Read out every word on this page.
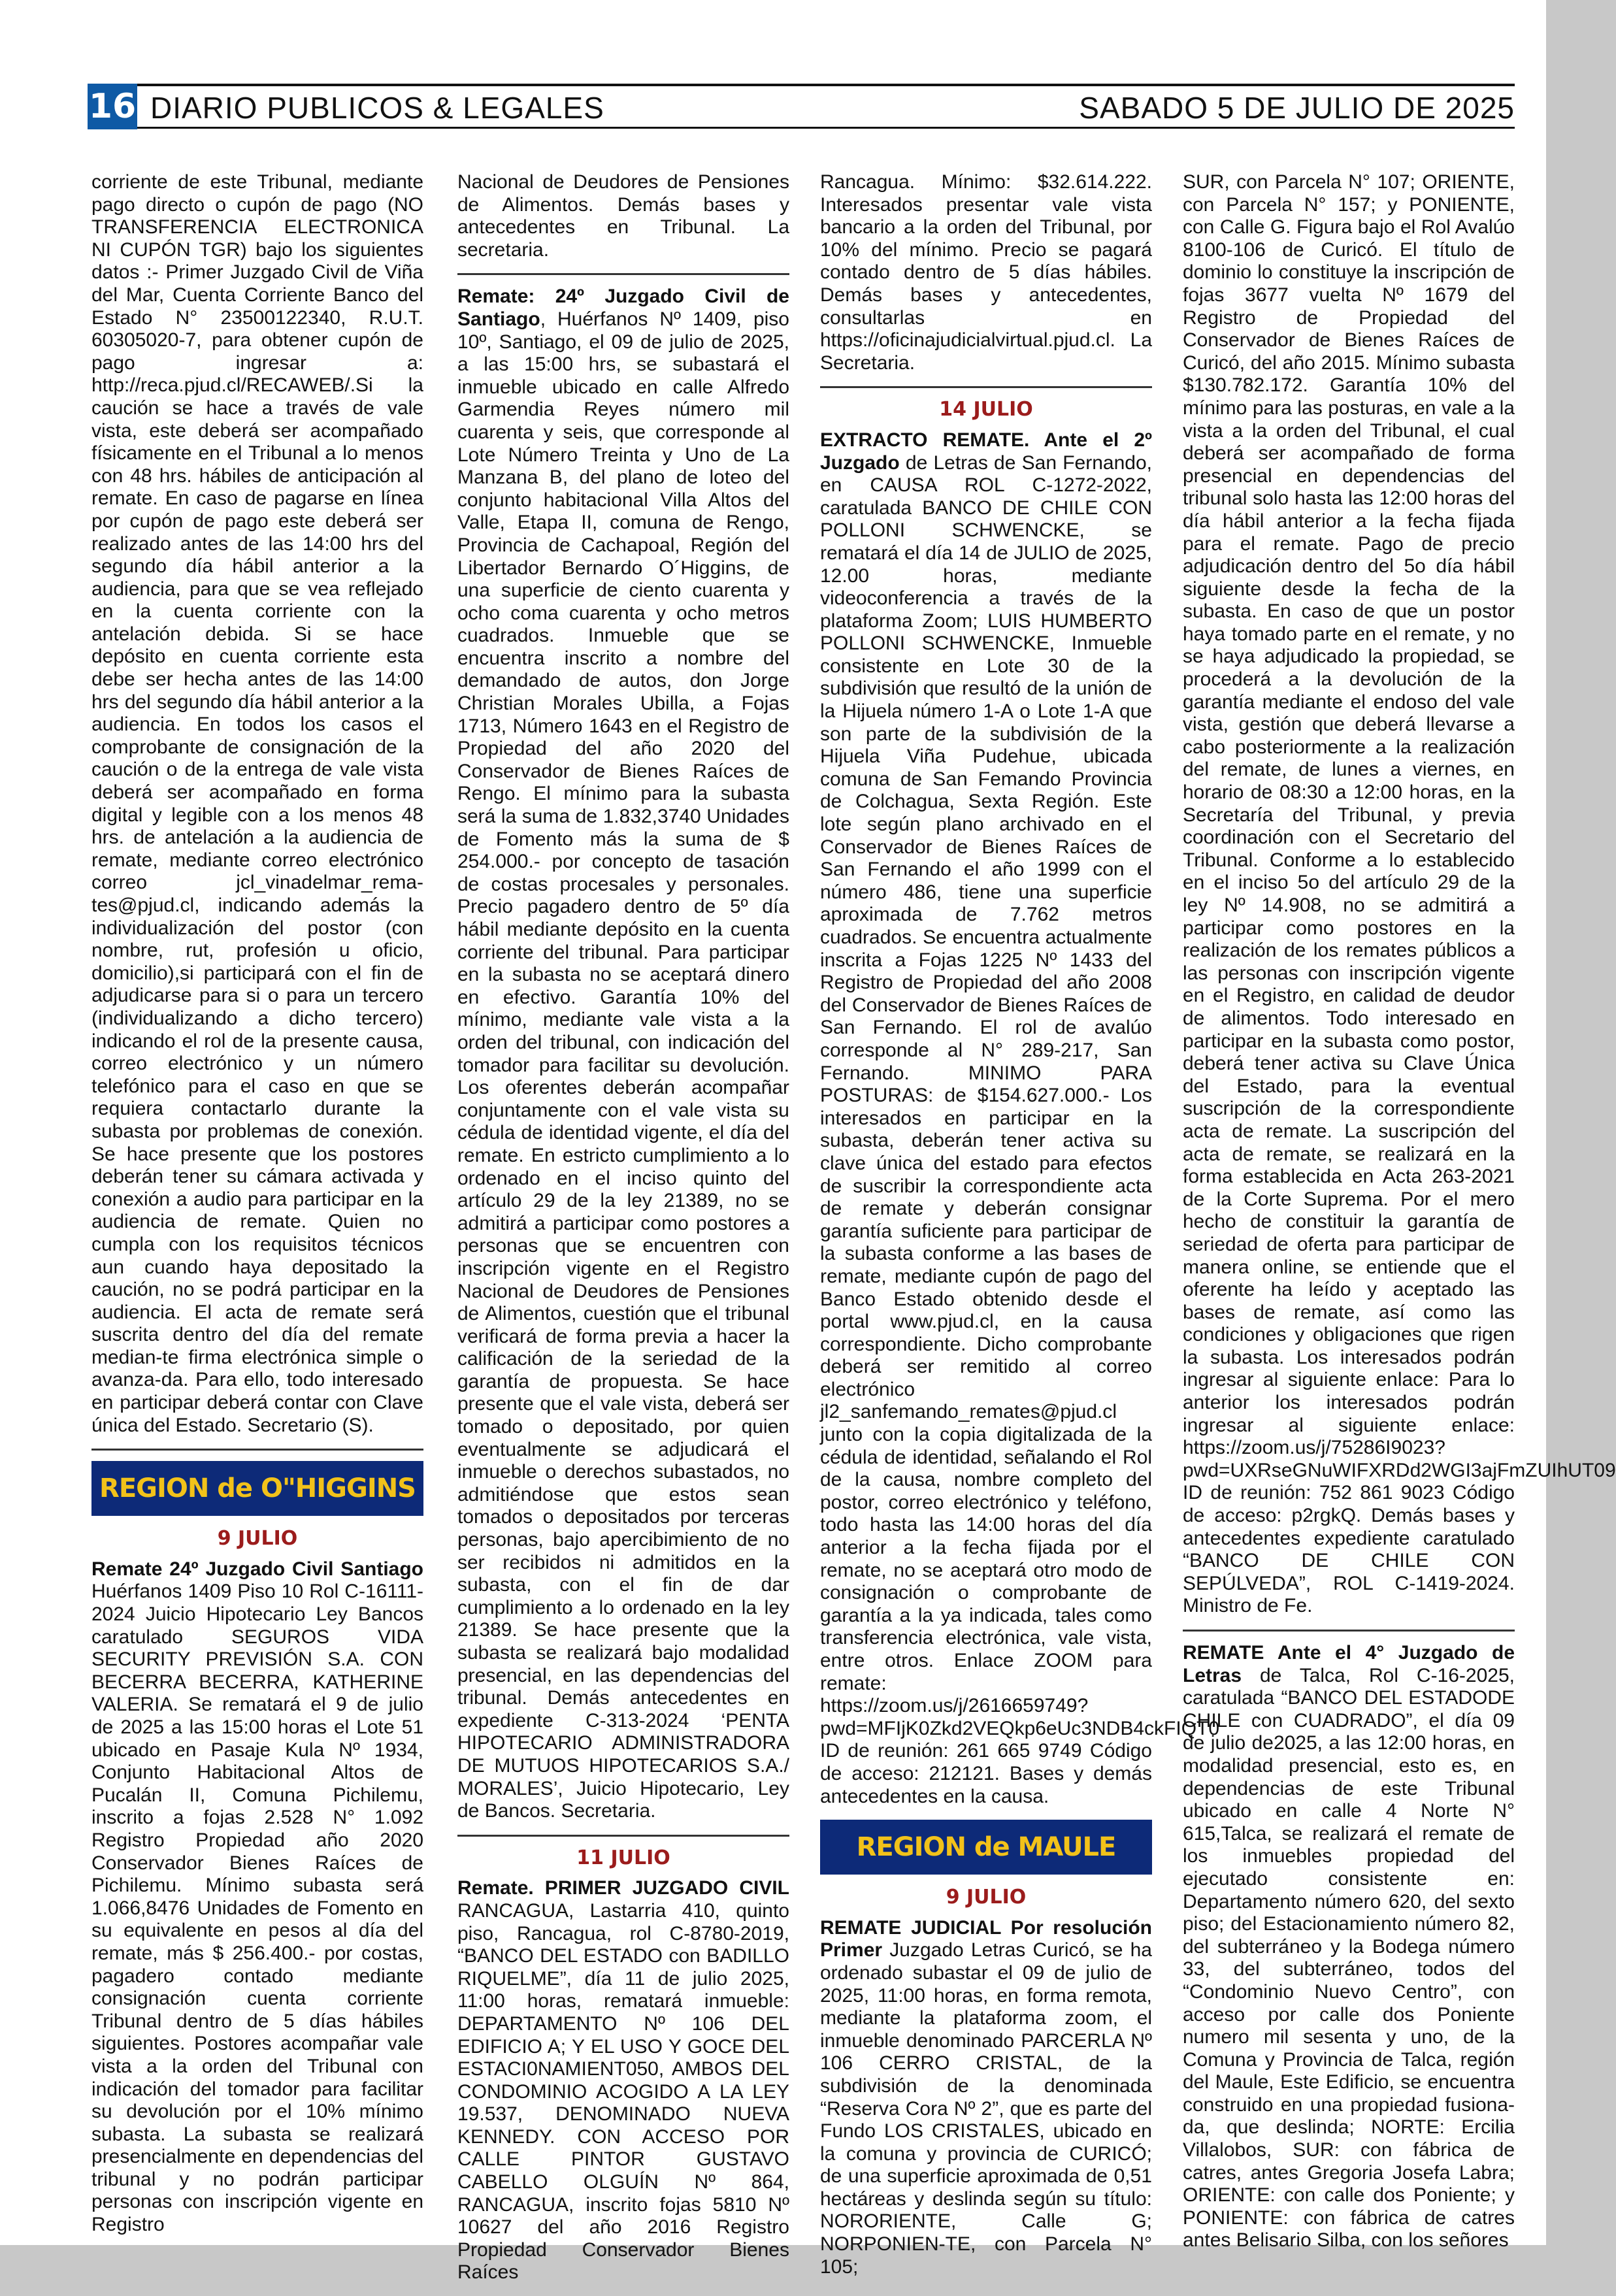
16 DIARIO PUBLICOS & LEGALES	SABADO 5 DE JULIO DE 2025

corriente de este Tribunal, mediante pago directo o cupón de pago (NO TRANSFERENCIA ELECTRONICA NI CUPÓN TGR) bajo los siguientes datos :- Primer Juzgado Civil de Viña del Mar, Cuenta Corriente Banco del Estado N° 23500122340, R.U.T. 60305020-7, para obtener cupón de pago ingresar a: http://reca.pjud.cl/RECAWEB/.Si la caución se hace a través de vale vista, este deberá ser acompañado físicamente en el Tribunal a lo menos con 48 hrs. hábiles de anticipación al remate. En caso de pagarse en línea por cupón de pago este deberá ser realizado antes de las 14:00 hrs del segundo día hábil anterior a la audiencia, para que se vea reflejado en la cuenta corriente con la antelación debida. Si se hace depósito en cuenta corriente esta debe ser hecha antes de las 14:00 hrs del segundo día hábil anterior a la audiencia. En todos los casos el comprobante de consignación de la caución o de la entrega de vale vista deberá ser acompañado en forma digital y legible con a los menos 48 hrs. de antelación a la audiencia de remate, mediante correo electrónico correo jcl_vinadelmar_rema-tes@pjud.cl, indicando además la individualización del postor (con nombre, rut, profesión u oficio, domicilio),si participará con el fin de adjudicarse para si o para un tercero (individualizando a dicho tercero) indicando el rol de la presente causa, correo electrónico y un número telefónico para el caso en que se requiera contactarlo durante la subasta por problemas de conexión. Se hace presente que los postores deberán tener su cámara activada y conexión a audio para participar en la audiencia de remate. Quien no cumpla con los requisitos técnicos aun cuando haya depositado la caución, no se podrá participar en la audiencia. El acta de remate será suscrita dentro del día del remate median-te firma electrónica simple o avanza-da. Para ello, todo interesado en participar deberá contar con Clave única del Estado. Secretario (S).

REGION de O"HIGGINS
9 JULIO

Remate 24º Juzgado Civil Santiago Huérfanos 1409 Piso 10 Rol C-16111-2024 Juicio Hipotecario Ley Bancos caratulado SEGUROS VIDA SECURITY PREVISIÓN S.A. CON BECERRA BECERRA, KATHERINE VALERIA. Se rematará el 9 de julio de 2025 a las 15:00 horas el Lote 51 ubicado en Pasaje Kula Nº 1934, Conjunto Habitacional Altos de Pucalán II, Comuna Pichilemu, inscrito a fojas 2.528 N° 1.092 Registro Propiedad año 2020 Conservador Bienes Raíces de Pichilemu. Mínimo subasta será 1.066,8476 Unidades de Fomento en su equivalente en pesos al día del remate, más $ 256.400.- por costas, pagadero contado mediante consignación cuenta corriente Tribunal dentro de 5 días hábiles siguientes. Postores acompañar vale vista a la orden del Tribunal con indicación del tomador para facilitar su devolución por el 10% mínimo subasta. La subasta se realizará presencialmente en dependencias del tribunal y no podrán participar personas con inscripción vigente en Registro

Nacional de Deudores de Pensiones de Alimentos. Demás bases y antecedentes en Tribunal. La secretaria.

Remate: 24º Juzgado Civil de Santiago, Huérfanos Nº 1409, piso 10º, Santiago, el 09 de julio de 2025, a las 15:00 hrs, se subastará el inmueble ubicado en calle Alfredo Garmendia Reyes número mil cuarenta y seis, que corresponde al Lote Número Treinta y Uno de La Manzana B, del plano de loteo del conjunto habitacional Villa Altos del Valle, Etapa II, comuna de Rengo, Provincia de Cachapoal, Región del Libertador Bernardo O´Higgins, de una superficie de ciento cuarenta y ocho coma cuarenta y ocho metros cuadrados. Inmueble que se encuentra inscrito a nombre del demandado de autos, don Jorge Christian Morales Ubilla, a Fojas 1713, Número 1643 en el Registro de Propiedad del año 2020 del Conservador de Bienes Raíces de Rengo. El mínimo para la subasta será la suma de 1.832,3740 Unidades de Fomento más la suma de $ 254.000.- por concepto de tasación de costas procesales y personales. Precio pagadero dentro de 5º día hábil mediante depósito en la cuenta corriente del tribunal. Para participar en la subasta no se aceptará dinero en efectivo. Garantía 10% del mínimo, mediante vale vista a la orden del tribunal, con indicación del tomador para facilitar su devolución. Los oferentes deberán acompañar conjuntamente con el vale vista su cédula de identidad vigente, el día del remate. En estricto cumplimiento a lo ordenado en el inciso quinto del artículo 29 de la ley 21389, no se admitirá a participar como postores a personas que se encuentren con inscripción vigente en el Registro Nacional de Deudores de Pensiones de Alimentos, cuestión que el tribunal verificará de forma previa a hacer la calificación de la seriedad de la garantía de propuesta. Se hace presente que el vale vista, deberá ser tomado o depositado, por quien eventualmente se adjudicará el inmueble o derechos subastados, no admitiéndose que estos sean tomados o depositados por terceras personas, bajo apercibimiento de no ser recibidos ni admitidos en la subasta, con el fin de dar cumplimiento a lo ordenado en la ley 21389. Se hace presente que la subasta se realizará bajo modalidad presencial, en las dependencias del tribunal. Demás antecedentes en expediente C-313-2024 ‘PENTA HIPOTECARIO ADMINISTRADORA DE MUTUOS HIPOTECARIOS S.A./ MORALES’, Juicio Hipotecario, Ley de Bancos. Secretaria.

11 JULIO

Remate. PRIMER JUZGADO CIVIL RANCAGUA, Lastarria 410, quinto piso, Rancagua, rol C-8780-2019, “BANCO DEL ESTADO con BADILLO RIQUELME”, día 11 de julio 2025, 11:00 horas, rematará inmueble: DEPARTAMENTO Nº 106 DEL EDIFICIO A; Y EL USO Y GOCE DEL ESTACI0NAMIENT050, AMBOS DEL CONDOMINIO ACOGIDO A LA LEY 19.537, DENOMINADO NUEVA KENNEDY. CON ACCESO POR CALLE PINTOR GUSTAVO CABELLO OLGUÍN Nº 864, RANCAGUA, inscrito fojas 5810 Nº 10627 del año 2016 Registro Propiedad Conservador Bienes Raíces

Rancagua. Mínimo: $32.614.222. Interesados presentar vale vista bancario a la orden del Tribunal, por 10% del mínimo. Precio se pagará contado dentro de 5 días hábiles. Demás bases y antecedentes, consultarlas en https://oficinajudicialvirtual.pjud.cl. La Secretaria.

14 JULIO

EXTRACTO REMATE. Ante el 2º Juzgado de Letras de San Fernando, en CAUSA ROL C-1272-2022, caratulada BANCO DE CHILE CON POLLONI SCHWENCKE, se rematará el día 14 de JULIO de 2025, 12.00 horas, mediante videoconferencia a través de la plataforma Zoom; LUIS HUMBERTO POLLONI SCHWENCKE, Inmueble consistente en Lote 30 de la subdivisión que resultó de la unión de la Hijuela número 1-A o Lote 1-A que son parte de la subdivisión de la Hijuela Viña Pudehue, ubicada comuna de San Femando Provincia de Colchagua, Sexta Región. Este lote según plano archivado en el Conservador de Bienes Raíces de San Fernando el año 1999 con el número 486, tiene una superficie aproximada de 7.762 metros cuadrados. Se encuentra actualmente inscrita a Fojas 1225 Nº 1433 del Registro de Propiedad del año 2008 del Conservador de Bienes Raíces de San Fernando. El rol de avalúo corresponde al N° 289-217, San Fernando. MINIMO PARA POSTURAS: de $154.627.000.- Los interesados en participar en la subasta, deberán tener activa su clave única del estado para efectos de suscribir la correspondiente acta de remate y deberán consignar garantía suficiente para participar de la subasta conforme a las bases de remate, mediante cupón de pago del Banco Estado obtenido desde el portal www.pjud.cl, en la causa correspondiente. Dicho comprobante deberá ser remitido al correo electrónico jl2_sanfemando_remates@pjud.cl junto con la copia digitalizada de la cédula de identidad, señalando el Rol de la causa, nombre completo del postor, correo electrónico y teléfono, todo hasta las 14:00 horas del día anterior a la fecha fijada por el remate, no se aceptará otro modo de consignación o comprobante de garantía a la ya indicada, tales como transferencia electrónica, vale vista, entre otros. Enlace ZOOM para remate: https://zoom.us/j/2616659749?pwd=MFIjK0Zkd2VEQkp6eUc3NDB4ckFIQT0 ID de reunión: 261 665 9749 Código de acceso: 212121. Bases y demás antecedentes en la causa.

REGION de MAULE
9 JULIO

REMATE JUDICIAL Por resolución Primer Juzgado Letras Curicó, se ha ordenado subastar el 09 de julio de 2025, 11:00 horas, en forma remota, mediante la plataforma zoom, el inmueble denominado PARCERLA Nº 106 CERRO CRISTAL, de la subdivisión de la denominada “Reserva Cora Nº 2”, que es parte del Fundo LOS CRISTALES, ubicado en la comuna y provincia de CURICÓ; de una superficie aproximada de 0,51 hectáreas y deslinda según su título: NORORIENTE, Calle G; NORPONIEN-TE, con Parcela N° 105;

SUR, con Parcela N° 107; ORIENTE, con Parcela N° 157; y PONIENTE, con Calle G. Figura bajo el Rol Avalúo 8100-106 de Curicó. El título de dominio lo constituye la inscripción de fojas 3677 vuelta Nº 1679 del Registro de Propiedad del Conservador de Bienes Raíces de Curicó, del año 2015. Mínimo subasta $130.782.172. Garantía 10% del mínimo para las posturas, en vale a la vista a la orden del Tribunal, el cual deberá ser acompañado de forma presencial en dependencias del tribunal solo hasta las 12:00 horas del día hábil anterior a la fecha fijada para el remate. Pago de precio adjudicación dentro del 5o día hábil siguiente desde la fecha de la subasta. En caso de que un postor haya tomado parte en el remate, y no se haya adjudicado la propiedad, se procederá a la devolución de la garantía mediante el endoso del vale vista, gestión que deberá llevarse a cabo posteriormente a la realización del remate, de lunes a viernes, en horario de 08:30 a 12:00 horas, en la Secretaría del Tribunal, y previa coordinación con el Secretario del Tribunal. Conforme a lo establecido en el inciso 5o del artículo 29 de la ley Nº 14.908, no se admitirá a participar como postores en la realización de los remates públicos a las personas con inscripción vigente en el Registro, en calidad de deudor de alimentos. Todo interesado en participar en la subasta como postor, deberá tener activa su Clave Única del Estado, para la eventual suscripción de la correspondiente acta de remate. La suscripción del acta de remate, se realizará en la forma establecida en Acta 263-2021 de la Corte Suprema. Por el mero hecho de constituir la garantía de seriedad de oferta para participar de manera online, se entiende que el oferente ha leído y aceptado las bases de remate, así como las condiciones y obligaciones que rigen la subasta. Los interesados podrán ingresar al siguiente enlace: Para lo anterior los interesados podrán ingresar al siguiente enlace: https://zoom.us/j/75286I9023?pwd=UXRseGNuWIFXRDd2WGI3ajFmZUIhUT09 ID de reunión: 752 861 9023 Código de acceso: p2rgkQ. Demás bases y antecedentes expediente caratulado “BANCO DE CHILE CON SEPÚLVEDA”, ROL C-1419-2024. Ministro de Fe.

REMATE Ante el 4° Juzgado de Letras de Talca, Rol C-16-2025, caratulada “BANCO DEL ESTADODE CHILE con CUADRADO”, el día 09 de julio de2025, a las 12:00 horas, en modalidad presencial, esto es, en dependencias de este Tribunal ubicado en calle 4 Norte N° 615,Talca, se realizará el remate de los inmuebles propiedad del ejecutado consistente en: Departamento número 620, del sexto piso; del Estacionamiento número 82, del subterráneo y la Bodega número 33, del subterráneo, todos del “Condominio Nuevo Centro”, con acceso por calle dos Poniente numero mil sesenta y uno, de la Comuna y Provincia de Talca, región del Maule, Este Edificio, se encuentra construido en una propiedad fusiona-da, que deslinda; NORTE: Ercilia Villalobos, SUR: con fábrica de catres, antes Gregoria Josefa Labra; ORIENTE: con calle dos Poniente; y PONIENTE: con fábrica de catres antes Belisario Silba, con los señores
